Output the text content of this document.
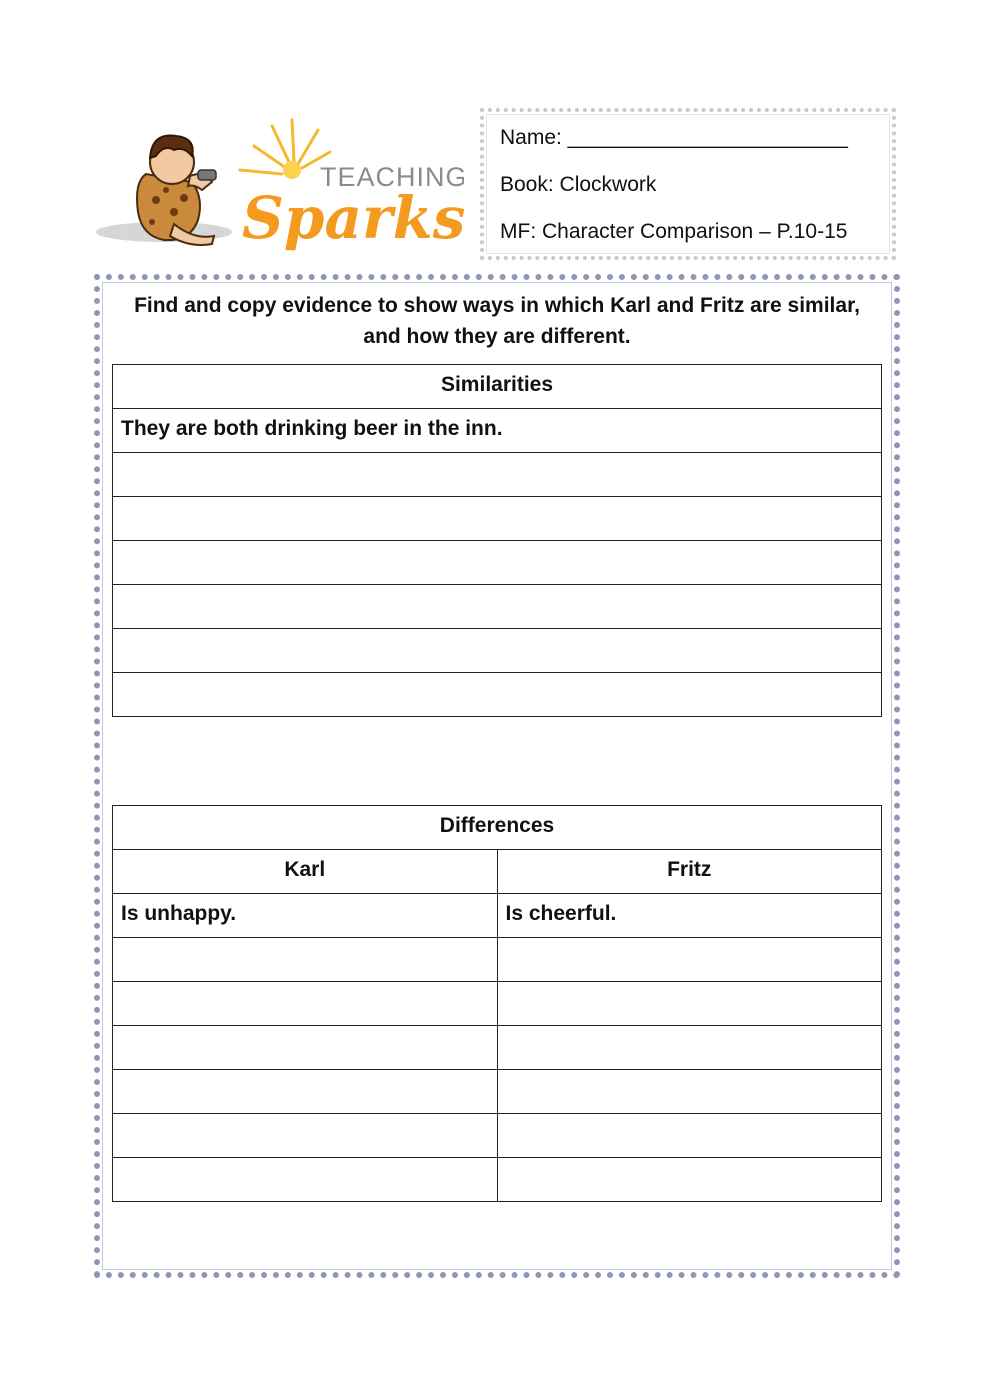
TEACHING
Sparks
Name: ________________________
Book: Clockwork
MF: Character Comparison – P.10-15
Find and copy evidence to show ways in which Karl and Fritz are similar,
and how they are different.
Similarities
They are both drinking beer in the inn.

Differences	
Karl	Fritz
Is unhappy.	Is cheerful.
